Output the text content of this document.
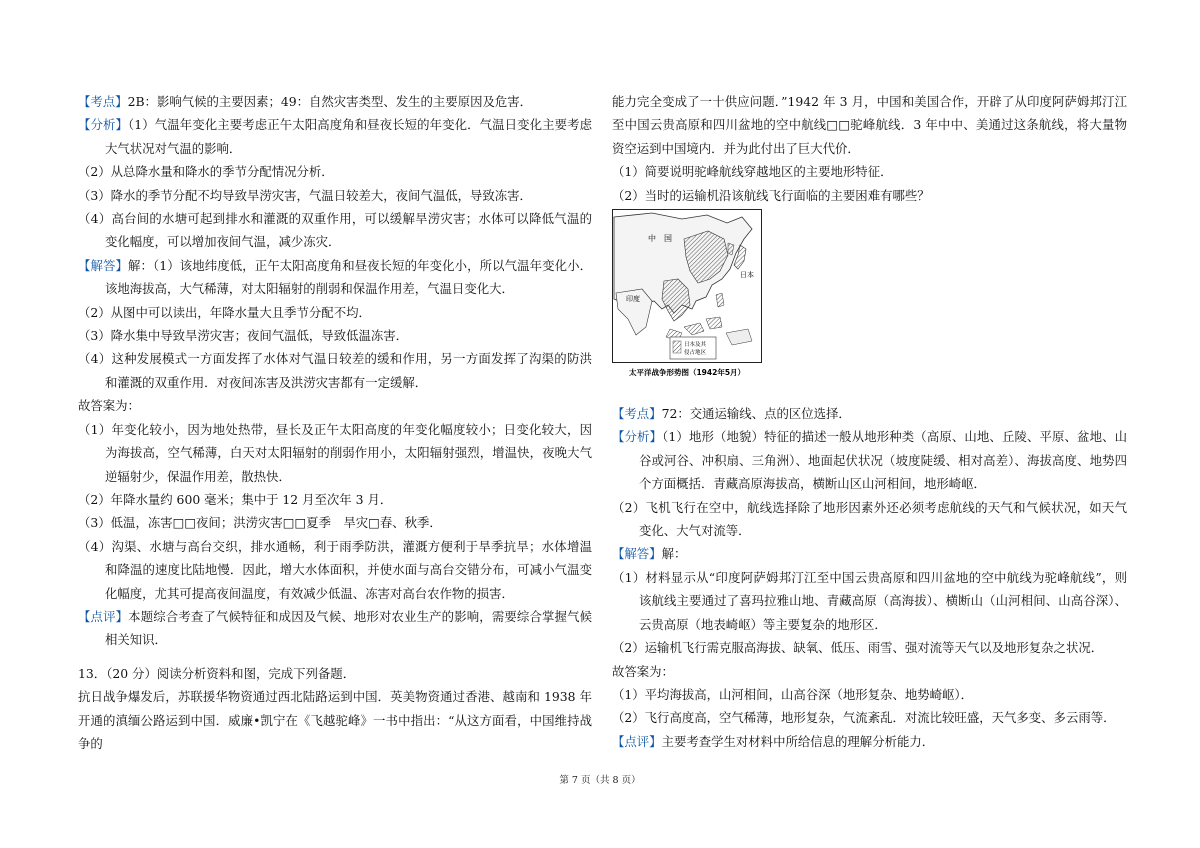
【考点】2B：影响气候的主要因素；49：自然灾害类型、发生的主要原因及危害．

【分析】（1）气温年变化主要考虑正午太阳高度角和昼夜长短的年变化．气温日变化主要考虑大气状况对气温的影响．

（2）从总降水量和降水的季节分配情况分析．

（3）降水的季节分配不均导致旱涝灾害，气温日较差大，夜间气温低，导致冻害．

（4）高台间的水塘可起到排水和灌溉的双重作用，可以缓解旱涝灾害；水体可以降低气温的变化幅度，可以增加夜间气温，减少冻灾．

【解答】解：（1）该地纬度低，正午太阳高度角和昼夜长短的年变化小，所以气温年变化小．该地海拔高，大气稀薄，对太阳辐射的削弱和保温作用差，气温日变化大．

（2）从图中可以读出，年降水量大且季节分配不均．

（3）降水集中导致旱涝灾害；夜间气温低，导致低温冻害．

（4）这种发展模式一方面发挥了水体对气温日较差的缓和作用，另一方面发挥了沟渠的防洪和灌溉的双重作用．对夜间冻害及洪涝灾害都有一定缓解．

故答案为：

（1）年变化较小，因为地处热带，昼长及正午太阳高度的年变化幅度较小；日变化较大，因为海拔高，空气稀薄，白天对太阳辐射的削弱作用小，太阳辐射强烈，增温快，夜晚大气逆辐射少，保温作用差，散热快．

（2）年降水量约 600 毫米；集中于 12 月至次年 3 月．

（3）低温，冻害□□夜间；洪涝灾害□□夏季　旱灾□春、秋季．

（4）沟渠、水塘与高台交织，排水通畅，利于雨季防洪，灌溉方便利于旱季抗旱；水体增温和降温的速度比陆地慢．因此，增大水体面积，并使水面与高台交错分布，可减小气温变化幅度，尤其可提高夜间温度，有效减少低温、冻害对高台农作物的损害．

【点评】本题综合考查了气候特征和成因及气候、地形对农业生产的影响，需要综合掌握气候相关知识．

13．（20 分）阅读分析资料和图，完成下列备题．

抗日战争爆发后，苏联援华物资通过西北陆路运到中国．英美物资通过香港、越南和 1938 年开通的滇缅公路运到中国．威廉•凯宁在《飞越驼峰》一书中指出：“从这方面看，中国维持战争的

能力完全变成了一十供应问题．”1942 年 3 月，中国和美国合作，开辟了从印度阿萨姆邦汀江至中国云贵高原和四川盆地的空中航线□□驼峰航线．3 年中中、美通过这条航线，将大量物资空运到中国境内．并为此付出了巨大代价．

（1）简要说明驼峰航线穿越地区的主要地形特征．

（2）当时的运输机沿该航线飞行面临的主要困难有哪些？

中　国
日本
印度
日本及其
侵占地区
太平洋战争形势图（1942年5月）

【考点】72：交通运输线、点的区位选择．

【分析】（1）地形（地貌）特征的描述一般从地形种类（高原、山地、丘陵、平原、盆地、山谷或河谷、冲积扇、三角洲）、地面起伏状况（坡度陡缓、相对高差）、海拔高度、地势四个方面概括．青藏高原海拔高，横断山区山河相间，地形崎岖．

（2）飞机飞行在空中，航线选择除了地形因素外还必须考虑航线的天气和气候状况，如天气变化、大气对流等．

【解答】解：

（1）材料显示从“印度阿萨姆邦汀江至中国云贵高原和四川盆地的空中航线为驼峰航线”，则该航线主要通过了喜玛拉雅山地、青藏高原（高海拔）、横断山（山河相间、山高谷深）、云贵高原（地表崎岖）等主要复杂的地形区．

（2）运输机飞行需克服高海拔、缺氧、低压、雨雪、强对流等天气以及地形复杂之状况．

故答案为：

（1）平均海拔高，山河相间，山高谷深（地形复杂、地势崎岖）．

（2）飞行高度高，空气稀薄，地形复杂，气流紊乱．对流比较旺盛，天气多变、多云雨等．

【点评】主要考查学生对材料中所给信息的理解分析能力．

第 7 页（共 8 页）
